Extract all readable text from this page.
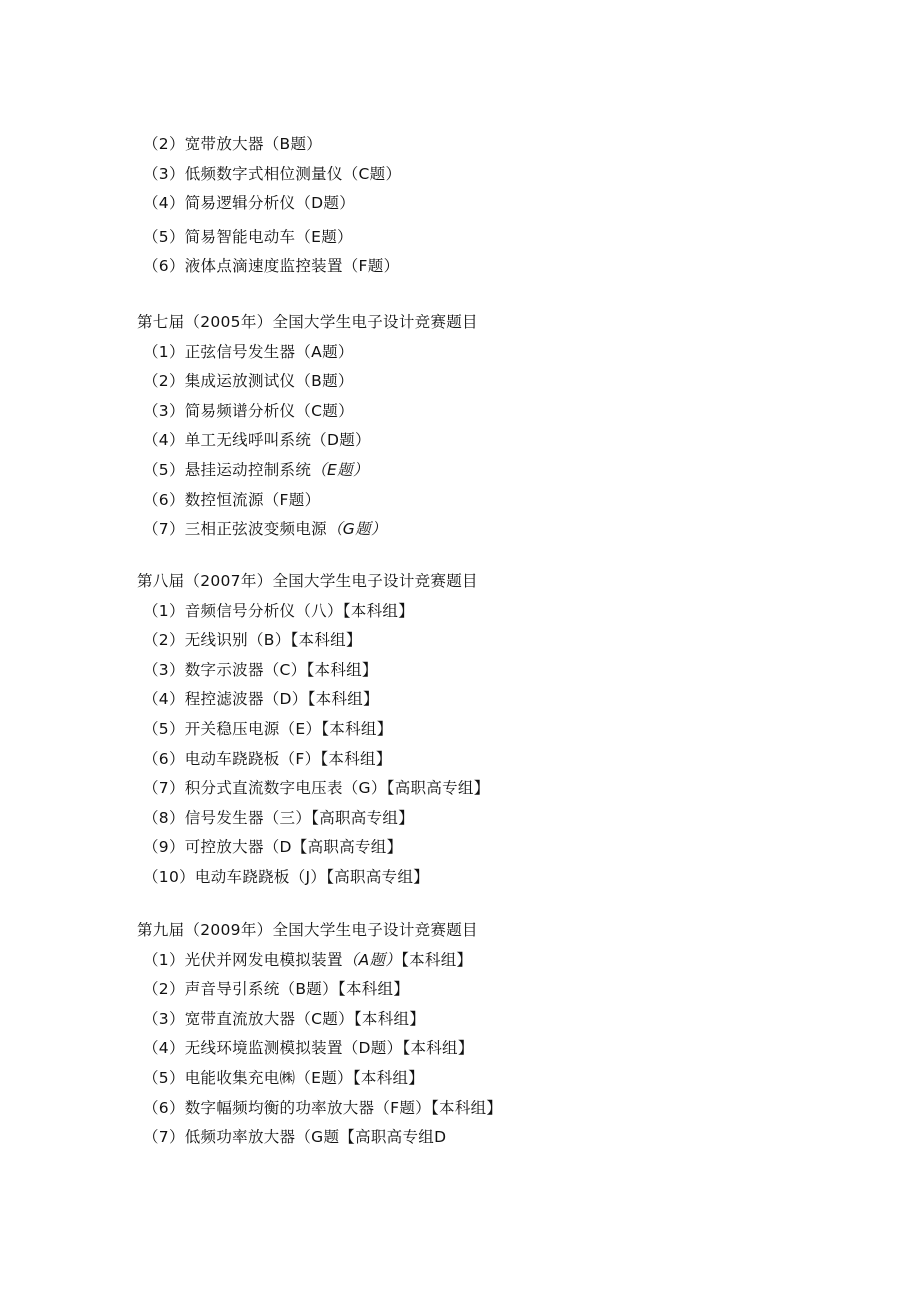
（2）宽带放大器（B题）
（3）低频数字式相位测量仪（C题）
（4）简易逻辑分析仪（D题）
（5）简易智能电动车（E题）
（6）液体点滴速度监控装置（F题）
第七届（2005年）全国大学生电子设计竞赛题目
（1）正弦信号发生器（A题）
（2）集成运放测试仪（B题）
（3）简易频谱分析仪（C题）
（4）单工无线呼叫系统（D题）
（5）悬挂运动控制系统（E题）
（6）数控恒流源（F题）
（7）三相正弦波变频电源（G题）
第八届（2007年）全国大学生电子设计竞赛题目
（1）音频信号分析仪（八）【本科组】
（2）无线识别（B）【本科组】
（3）数字示波器（C）【本科组】
（4）程控滤波器（D）【本科组】
（5）开关稳压电源（E）【本科组】
（6）电动车跷跷板（F）【本科组】
（7）积分式直流数字电压表（G）【高职高专组】
（8）信号发生器（三）【高职高专组】
（9）可控放大器（D【高职高专组】
（10）电动车跷跷板（J）【高职高专组】
第九届（2009年）全国大学生电子设计竞赛题目
（1）光伏并网发电模拟装置（A题）【本科组】
（2）声音导引系统（B题）【本科组】
（3）宽带直流放大器（C题）【本科组】
（4）无线环境监测模拟装置（D题）【本科组】
（5）电能收集充电㈱（E题）【本科组】
（6）数字幅频均衡的功率放大器（F题）【本科组】
（7）低频功率放大器（G题【高职高专组D
